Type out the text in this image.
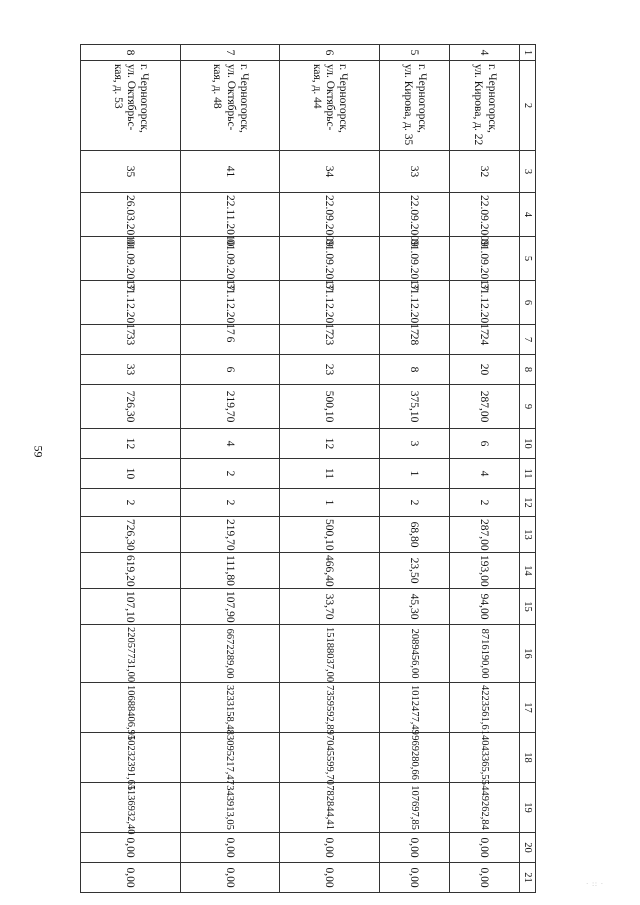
59
1	2	3	4	5	6	7	8	9	10	11	12	13	14	15	16	17	18	19	20	21
4	г. Черногорск, ул. Кирова, д. 22	32	22.09.2009	01.09.2017	31.12.2017	24	20	287,00	6	4	2	287,00	193,00	94,00	8716190,00	4223561,61	4043365,55	449262,84	0,00	0,00
5	г. Черногорск, ул. Кирова, д. 35	33	22.09.2009	01.09.2017	31.12.2017	28	8	375,10	3	1	2	68,80	23,50	45,30	2089456,00	1012477,49	969280,66	107697,85	0,00	0,00
6	г. Черногорск, ул. Октябрьс-кая, д. 44	34	22.09.2009	01.09.2017	31.12.2017	23	23	500,10	12	11	1	500,10	466,40	33,70	15188037,00	7359592,89	7045599,70	782844,41	0,00	0,00
7	г. Черногорск, ул. Октябрьс-кая, д. 48	41	22.11.2010	01.09.2017	31.12.2017	6	6	219,70	4	2	2	219,70	111,80	107,90	6672289,00	3233158,48	3095217,47	343913,05	0,00	0,00
8	г. Черногорск, ул. Октябрьс-кая, д. 53	35	26.03.2010	01.09.2017	31.12.2017	33	33	726,30	12	10	2	726,30	619,20	107,10	22057731,00	10688406,95	10232391,65	1136932,40	0,00	0,00	· :: ·
